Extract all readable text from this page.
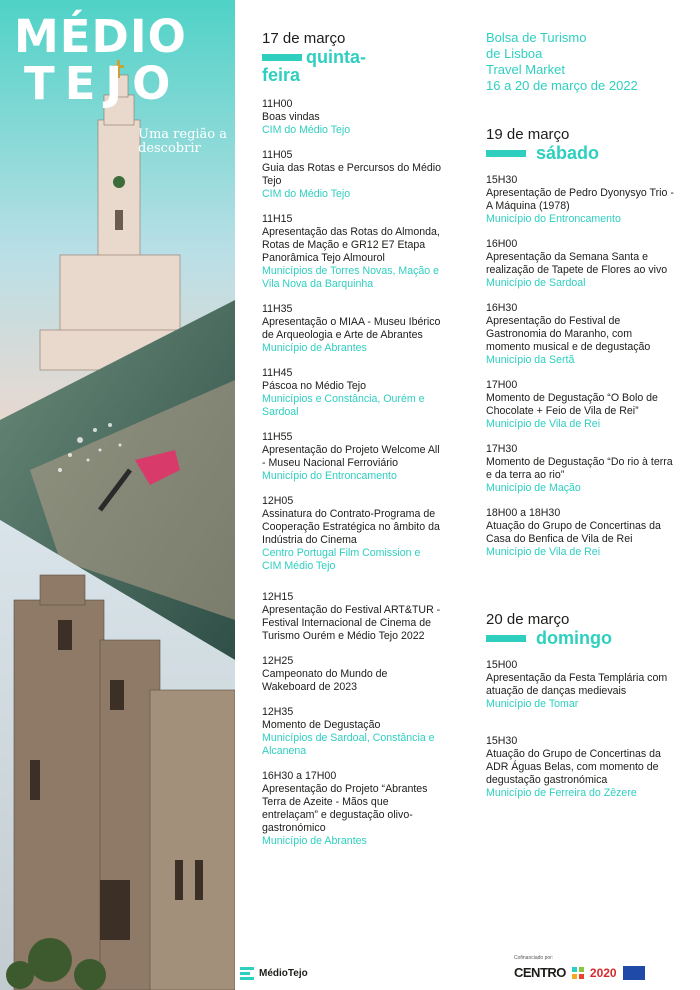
MÉDIO
TEJO
Uma região a descobrir
17 de março
quinta-
feira
11H00
Boas vindas
CIM do Médio Tejo
11H05
Guia das Rotas e Percursos do Médio Tejo
CIM do Médio Tejo
11H15
Apresentação das Rotas do Almonda, Rotas de Mação e GR12 E7 Etapa Panorâmica Tejo Almourol
Municípios de Torres Novas, Mação e Vila Nova da Barquinha
11H35
Apresentação o MIAA - Museu Ibérico de Arqueologia e Arte de Abrantes
Município de Abrantes
11H45
Páscoa no Médio Tejo
Municípios e Constância, Ourém e Sardoal
11H55
Apresentação do Projeto Welcome All - Museu Nacional Ferroviário
Município do Entroncamento
12H05
Assinatura do Contrato-Programa de Cooperação Estratégica no âmbito da Indústria do Cinema
Centro Portugal Film Comission e CIM Médio Tejo
12H15
Apresentação do Festival ART&TUR - Festival Internacional de Cinema de Turismo Ourém e Médio Tejo 2022
12H25
Campeonato do Mundo de Wakeboard de 2023
12H35
Momento de Degustação
Municípios de Sardoal, Constância e Alcanena
16H30 a 17H00
Apresentação do Projeto “Abrantes Terra de Azeite - Mãos que entrelaçam” e degustação olivo-gastronómico
Município de Abrantes
Bolsa de Turismo
de Lisboa
Travel Market
16 a 20 de março de 2022
19 de março
sábado
15H30
Apresentação de Pedro Dyonysyo Trio - A Máquina (1978)
Município do Entroncamento
16H00
Apresentação da Semana Santa e realização de Tapete de Flores ao vivo
Município de Sardoal
16H30
Apresentação do Festival de Gastronomia do Maranho, com momento musical e de degustação
Município da Sertã
17H00
Momento de Degustação “O Bolo de Chocolate + Feio de Vila de Rei”
Município de Vila de Rei
17H30
Momento de Degustação “Do rio à terra e da terra ao rio”
Município de Mação
18H00 a 18H30
Atuação do Grupo de Concertinas da Casa do Benfica de Vila de Rei
Município de Vila de Rei
20 de março
domingo
15H00
Apresentação da Festa Templária com atuação de danças medievais
Município de Tomar
15H30
Atuação do Grupo de Concertinas da ADR Águas Belas, com momento de degustação gastronómica
Município de Ferreira do Zêzere
MédioTejo
Cofinanciado por:
CENTRO 2020
